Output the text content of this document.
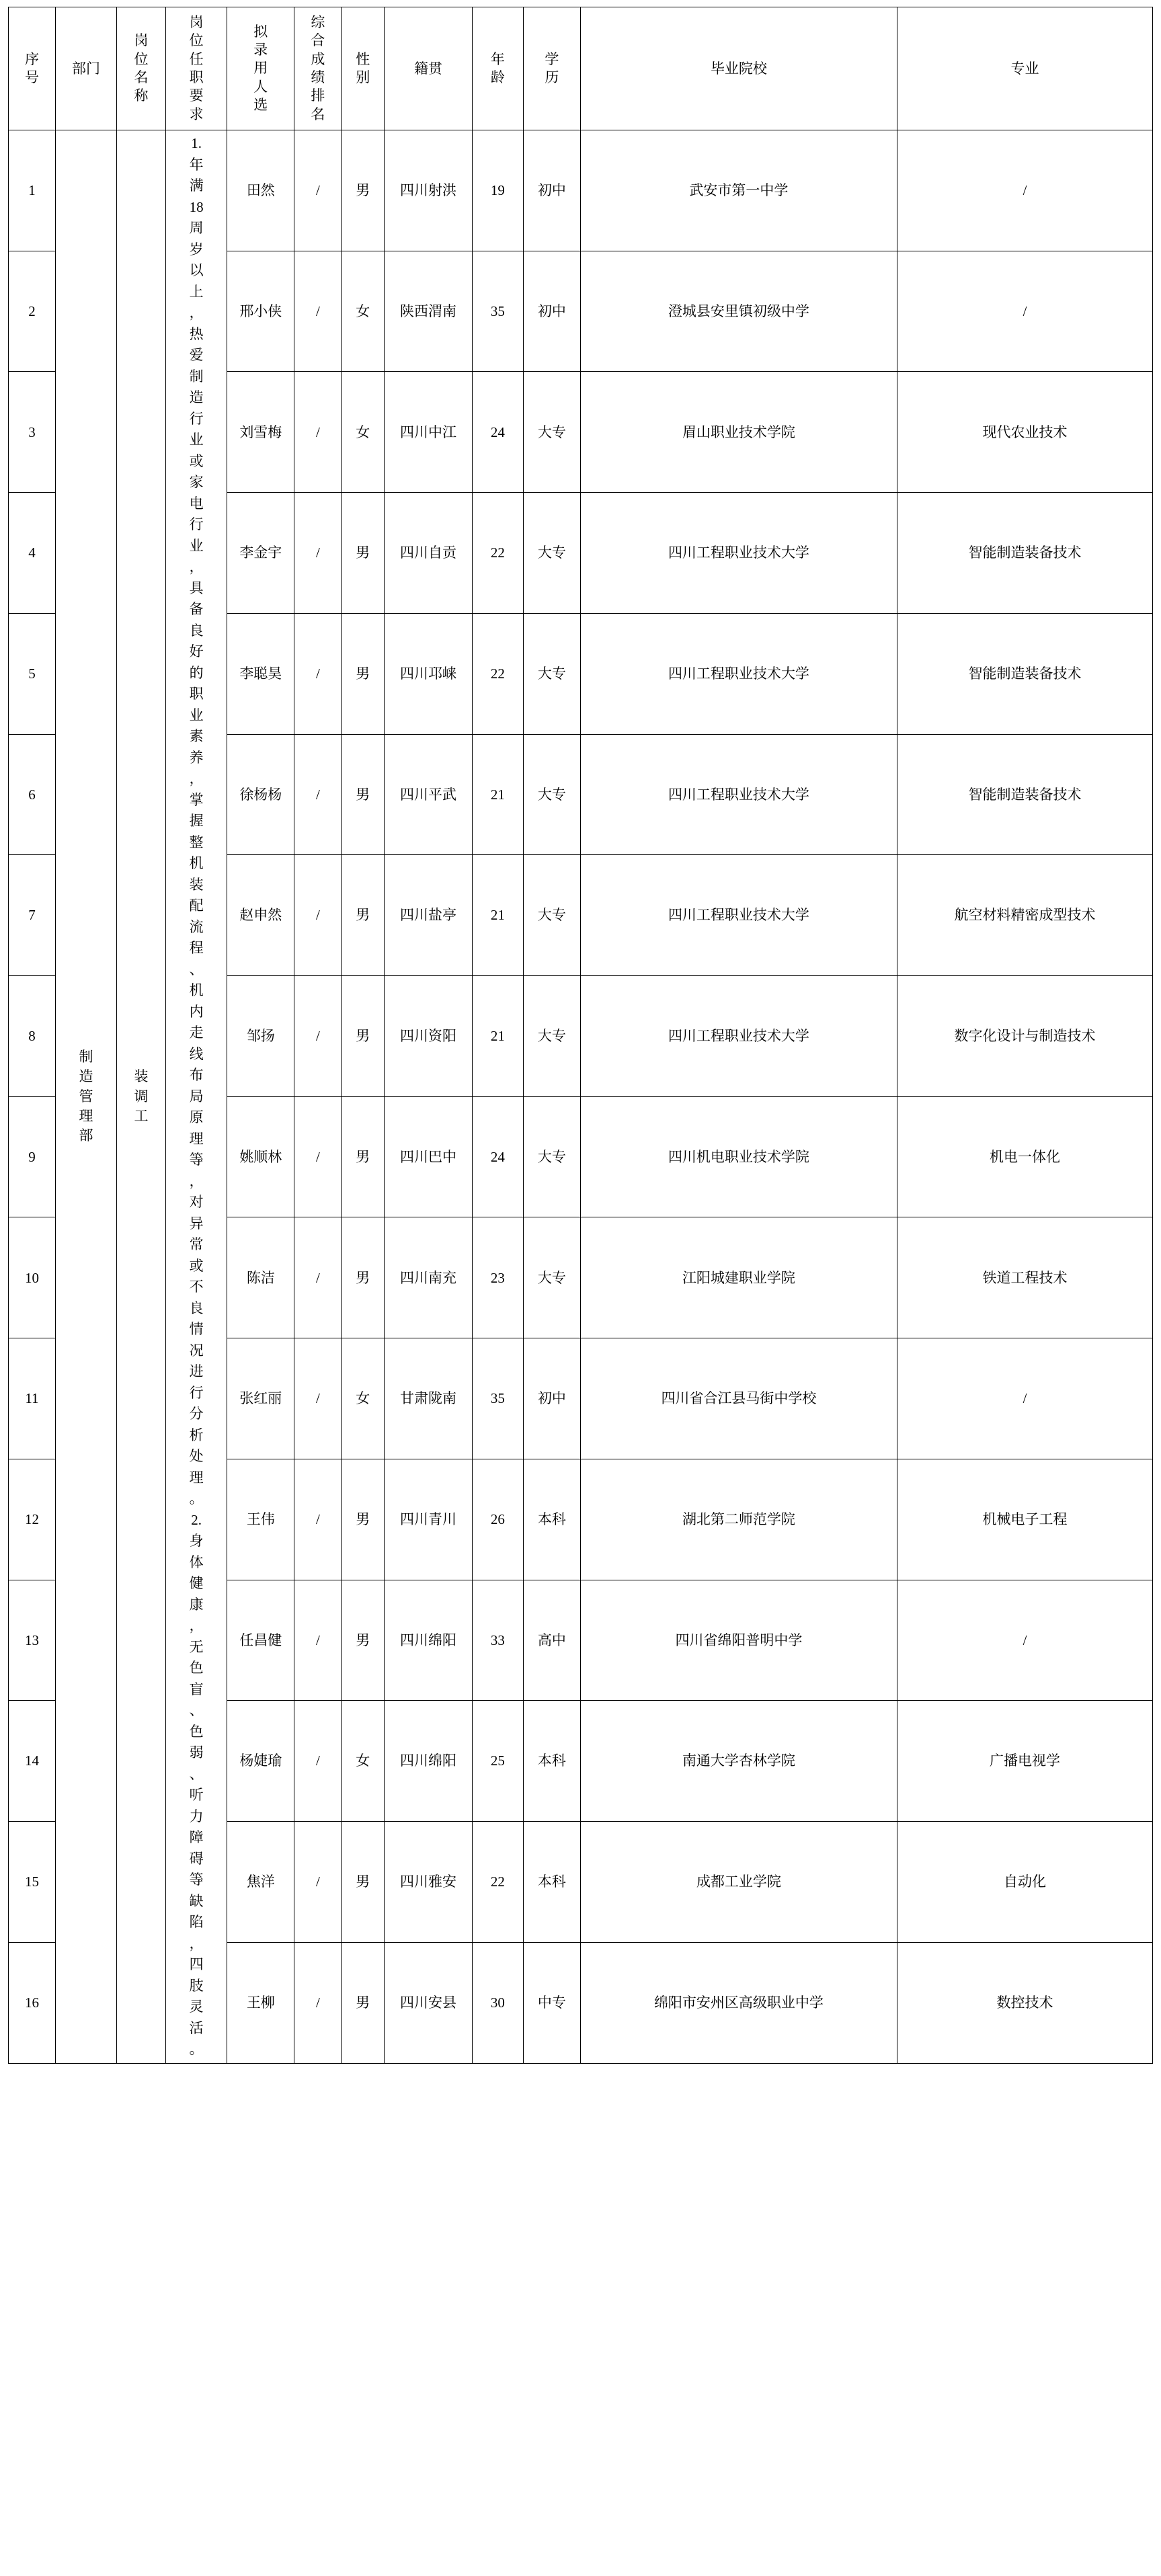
序号	部门	岗位名称	岗位任职要求	拟录用人选	综合成绩排名	性别	籍贯	年龄	学历	毕业院校	专业
1	制造管理部	装调工	1.年满18周岁以上，热爱制造行业或家电行业，具备良好的职业素养，掌握整机装配流程、机内走线布局原理等，对异常或不良情况进行分析处理。2.身体健康，无色盲、色弱、听力障碍等缺陷，四肢灵活。	田然	/	男	四川射洪	19	初中	武安市第一中学	/
2				邢小侠	/	女	陕西渭南	35	初中	澄城县安里镇初级中学	/
3				刘雪梅	/	女	四川中江	24	大专	眉山职业技术学院	现代农业技术
4				李金宇	/	男	四川自贡	22	大专	四川工程职业技术大学	智能制造装备技术
5				李聪昊	/	男	四川邛崃	22	大专	四川工程职业技术大学	智能制造装备技术
6				徐杨杨	/	男	四川平武	21	大专	四川工程职业技术大学	智能制造装备技术
7				赵申然	/	男	四川盐亭	21	大专	四川工程职业技术大学	航空材料精密成型技术
8				邹扬	/	男	四川资阳	21	大专	四川工程职业技术大学	数字化设计与制造技术
9				姚顺林	/	男	四川巴中	24	大专	四川机电职业技术学院	机电一体化
10				陈洁	/	男	四川南充	23	大专	江阳城建职业学院	铁道工程技术
11				张红丽	/	女	甘肃陇南	35	初中	四川省合江县马街中学校	/
12				王伟	/	男	四川青川	26	本科	湖北第二师范学院	机械电子工程
13				任昌健	/	男	四川绵阳	33	高中	四川省绵阳普明中学	/
14				杨婕瑜	/	女	四川绵阳	25	本科	南通大学杏林学院	广播电视学
15				焦洋	/	男	四川雅安	22	本科	成都工业学院	自动化
16				王柳	/	男	四川安县	30	中专	绵阳市安州区高级职业中学	数控技术
